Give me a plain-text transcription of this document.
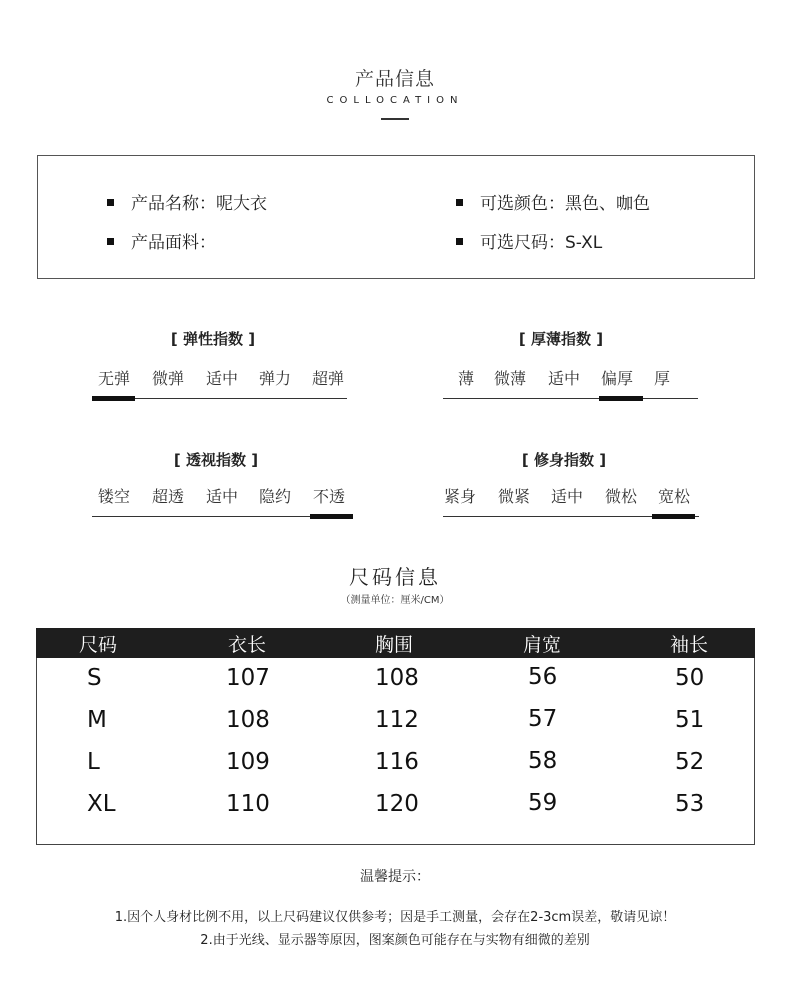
产品信息
COLLOCATION
产品名称：呢大衣
产品面料：
可选颜色：黑色、咖色
可选尺码：S-XL
[ 弹性指数 ]
无弹 微弹 适中 弹力 超弹
[ 厚薄指数 ]
薄 微薄 适中 偏厚 厚
[ 透视指数 ]
镂空 超透 适中 隐约 不透
[ 修身指数 ]
紧身 微紧 适中 微松 宽松
尺码信息
（测量单位：厘米/CM）
尺码	衣长	胸围	肩宽	袖长
S	107	108	56	50
M	108	112	57	51
L	109	116	58	52
XL	110	120	59	53
温馨提示：
1.因个人身材比例不用，以上尺码建议仅供参考；因是手工测量，会存在2-3cm误差，敬请见谅！
2.由于光线、显示器等原因，图案颜色可能存在与实物有细微的差别
